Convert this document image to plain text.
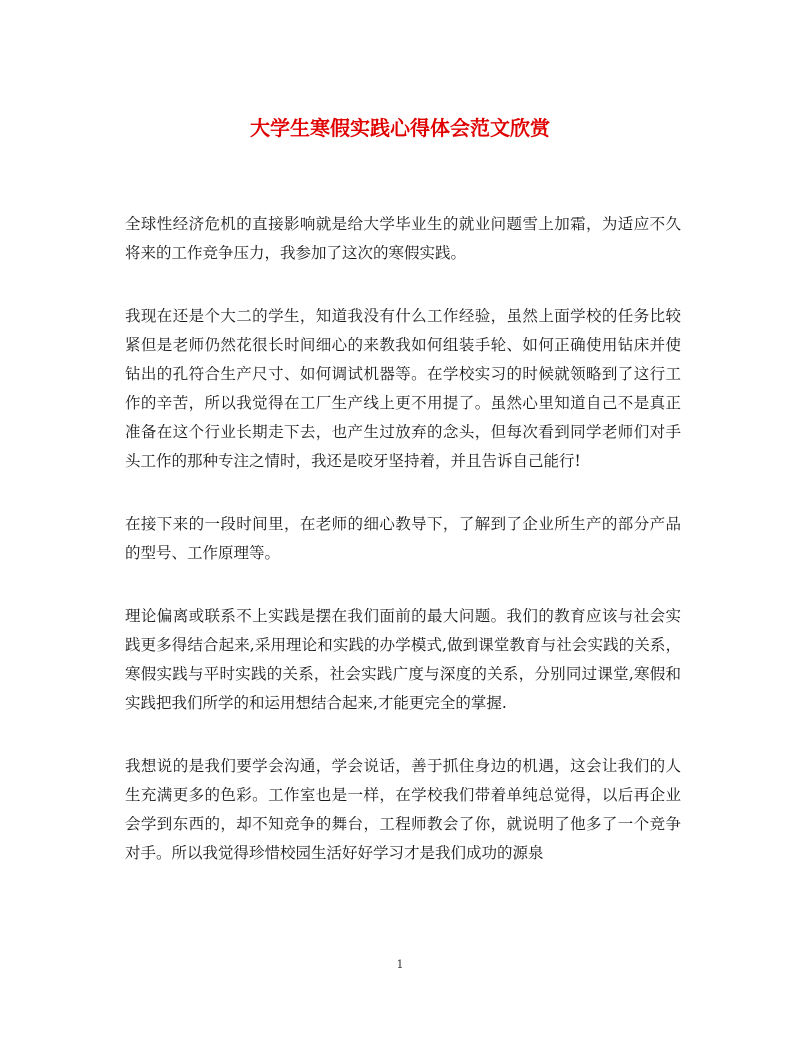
大学生寒假实践心得体会范文欣赏

全球性经济危机的直接影响就是给大学毕业生的就业问题雪上加霜，为适应不久将来的工作竞争压力，我参加了这次的寒假实践。

我现在还是个大二的学生，知道我没有什么工作经验，虽然上面学校的任务比较紧但是老师仍然花很长时间细心的来教我如何组装手轮、如何正确使用钻床并使钻出的孔符合生产尺寸、如何调试机器等。在学校实习的时候就领略到了这行工作的辛苦，所以我觉得在工厂生产线上更不用提了。虽然心里知道自己不是真正准备在这个行业长期走下去，也产生过放弃的念头，但每次看到同学老师们对手头工作的那种专注之情时，我还是咬牙坚持着，并且告诉自己能行!

在接下来的一段时间里，在老师的细心教导下，了解到了企业所生产的部分产品的型号、工作原理等。

理论偏离或联系不上实践是摆在我们面前的最大问题。我们的教育应该与社会实践更多得结合起来,采用理论和实践的办学模式,做到课堂教育与社会实践的关系，寒假实践与平时实践的关系，社会实践广度与深度的关系，分别同过课堂,寒假和实践把我们所学的和运用想结合起来,才能更完全的掌握.

我想说的是我们要学会沟通，学会说话，善于抓住身边的机遇，这会让我们的人生充满更多的色彩。工作室也是一样，在学校我们带着单纯总觉得，以后再企业会学到东西的，却不知竞争的舞台，工程师教会了你，就说明了他多了一个竞争对手。所以我觉得珍惜校园生活好好学习才是我们成功的源泉

1
